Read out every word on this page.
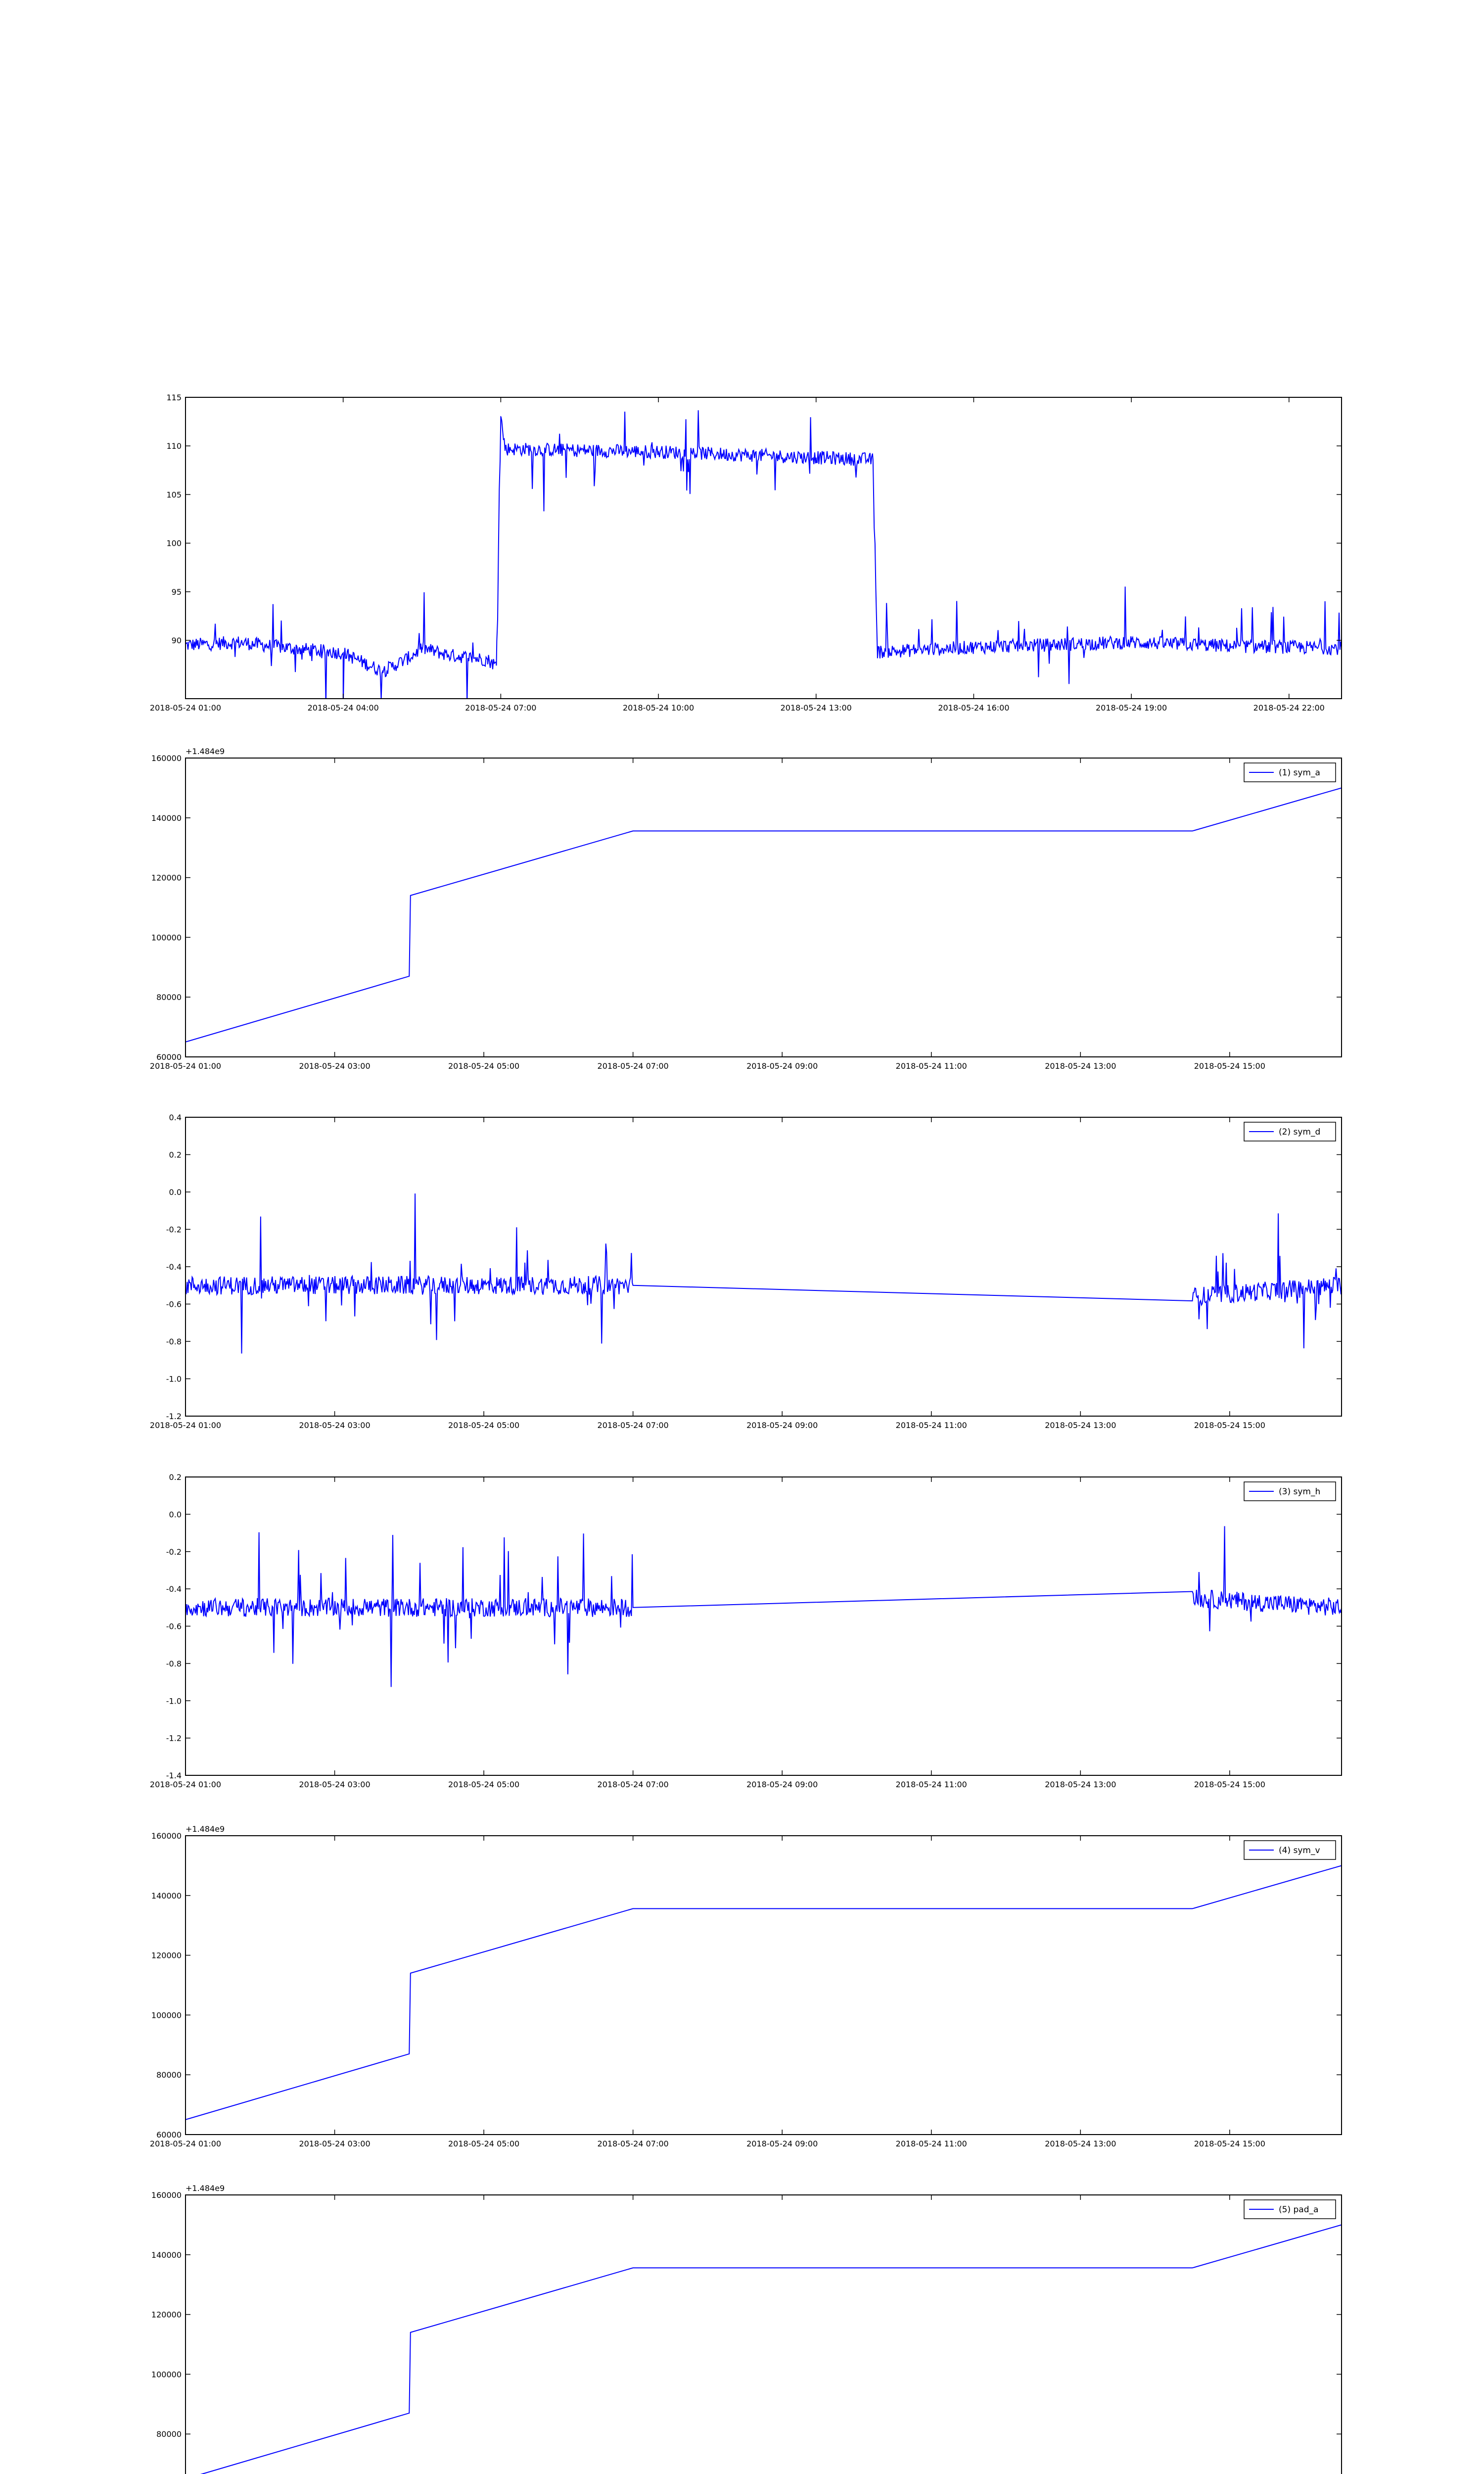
2018-05-24 01:00	2018-05-24 04:00	2018-05-24 07:00	2018-05-24 10:00	2018-05-24 13:00	2018-05-24 16:00	2018-05-24 19:00	2018-05-24 22:00
90
95
100
105
110
115
2018-05-24 01:00	2018-05-24 03:00	2018-05-24 05:00	2018-05-24 07:00	2018-05-24 09:00	2018-05-24 11:00	2018-05-24 13:00	2018-05-24 15:00
60000
80000
100000
120000
140000
160000
+1.484e9
(1) sym_a
2018-05-24 01:00	2018-05-24 03:00	2018-05-24 05:00	2018-05-24 07:00	2018-05-24 09:00	2018-05-24 11:00	2018-05-24 13:00	2018-05-24 15:00
-1.2
-1.0
-0.8
-0.6
-0.4
-0.2
0.0
0.2
0.4
(2) sym_d
2018-05-24 01:00	2018-05-24 03:00	2018-05-24 05:00	2018-05-24 07:00	2018-05-24 09:00	2018-05-24 11:00	2018-05-24 13:00	2018-05-24 15:00
-1.4
-1.2
-1.0
-0.8
-0.6
-0.4
-0.2
0.0
0.2
(3) sym_h
2018-05-24 01:00	2018-05-24 03:00	2018-05-24 05:00	2018-05-24 07:00	2018-05-24 09:00	2018-05-24 11:00	2018-05-24 13:00	2018-05-24 15:00
60000
80000
100000
120000
140000
160000
+1.484e9
(4) sym_v
80000
100000
120000
140000
160000
+1.484e9
(5) pad_a
